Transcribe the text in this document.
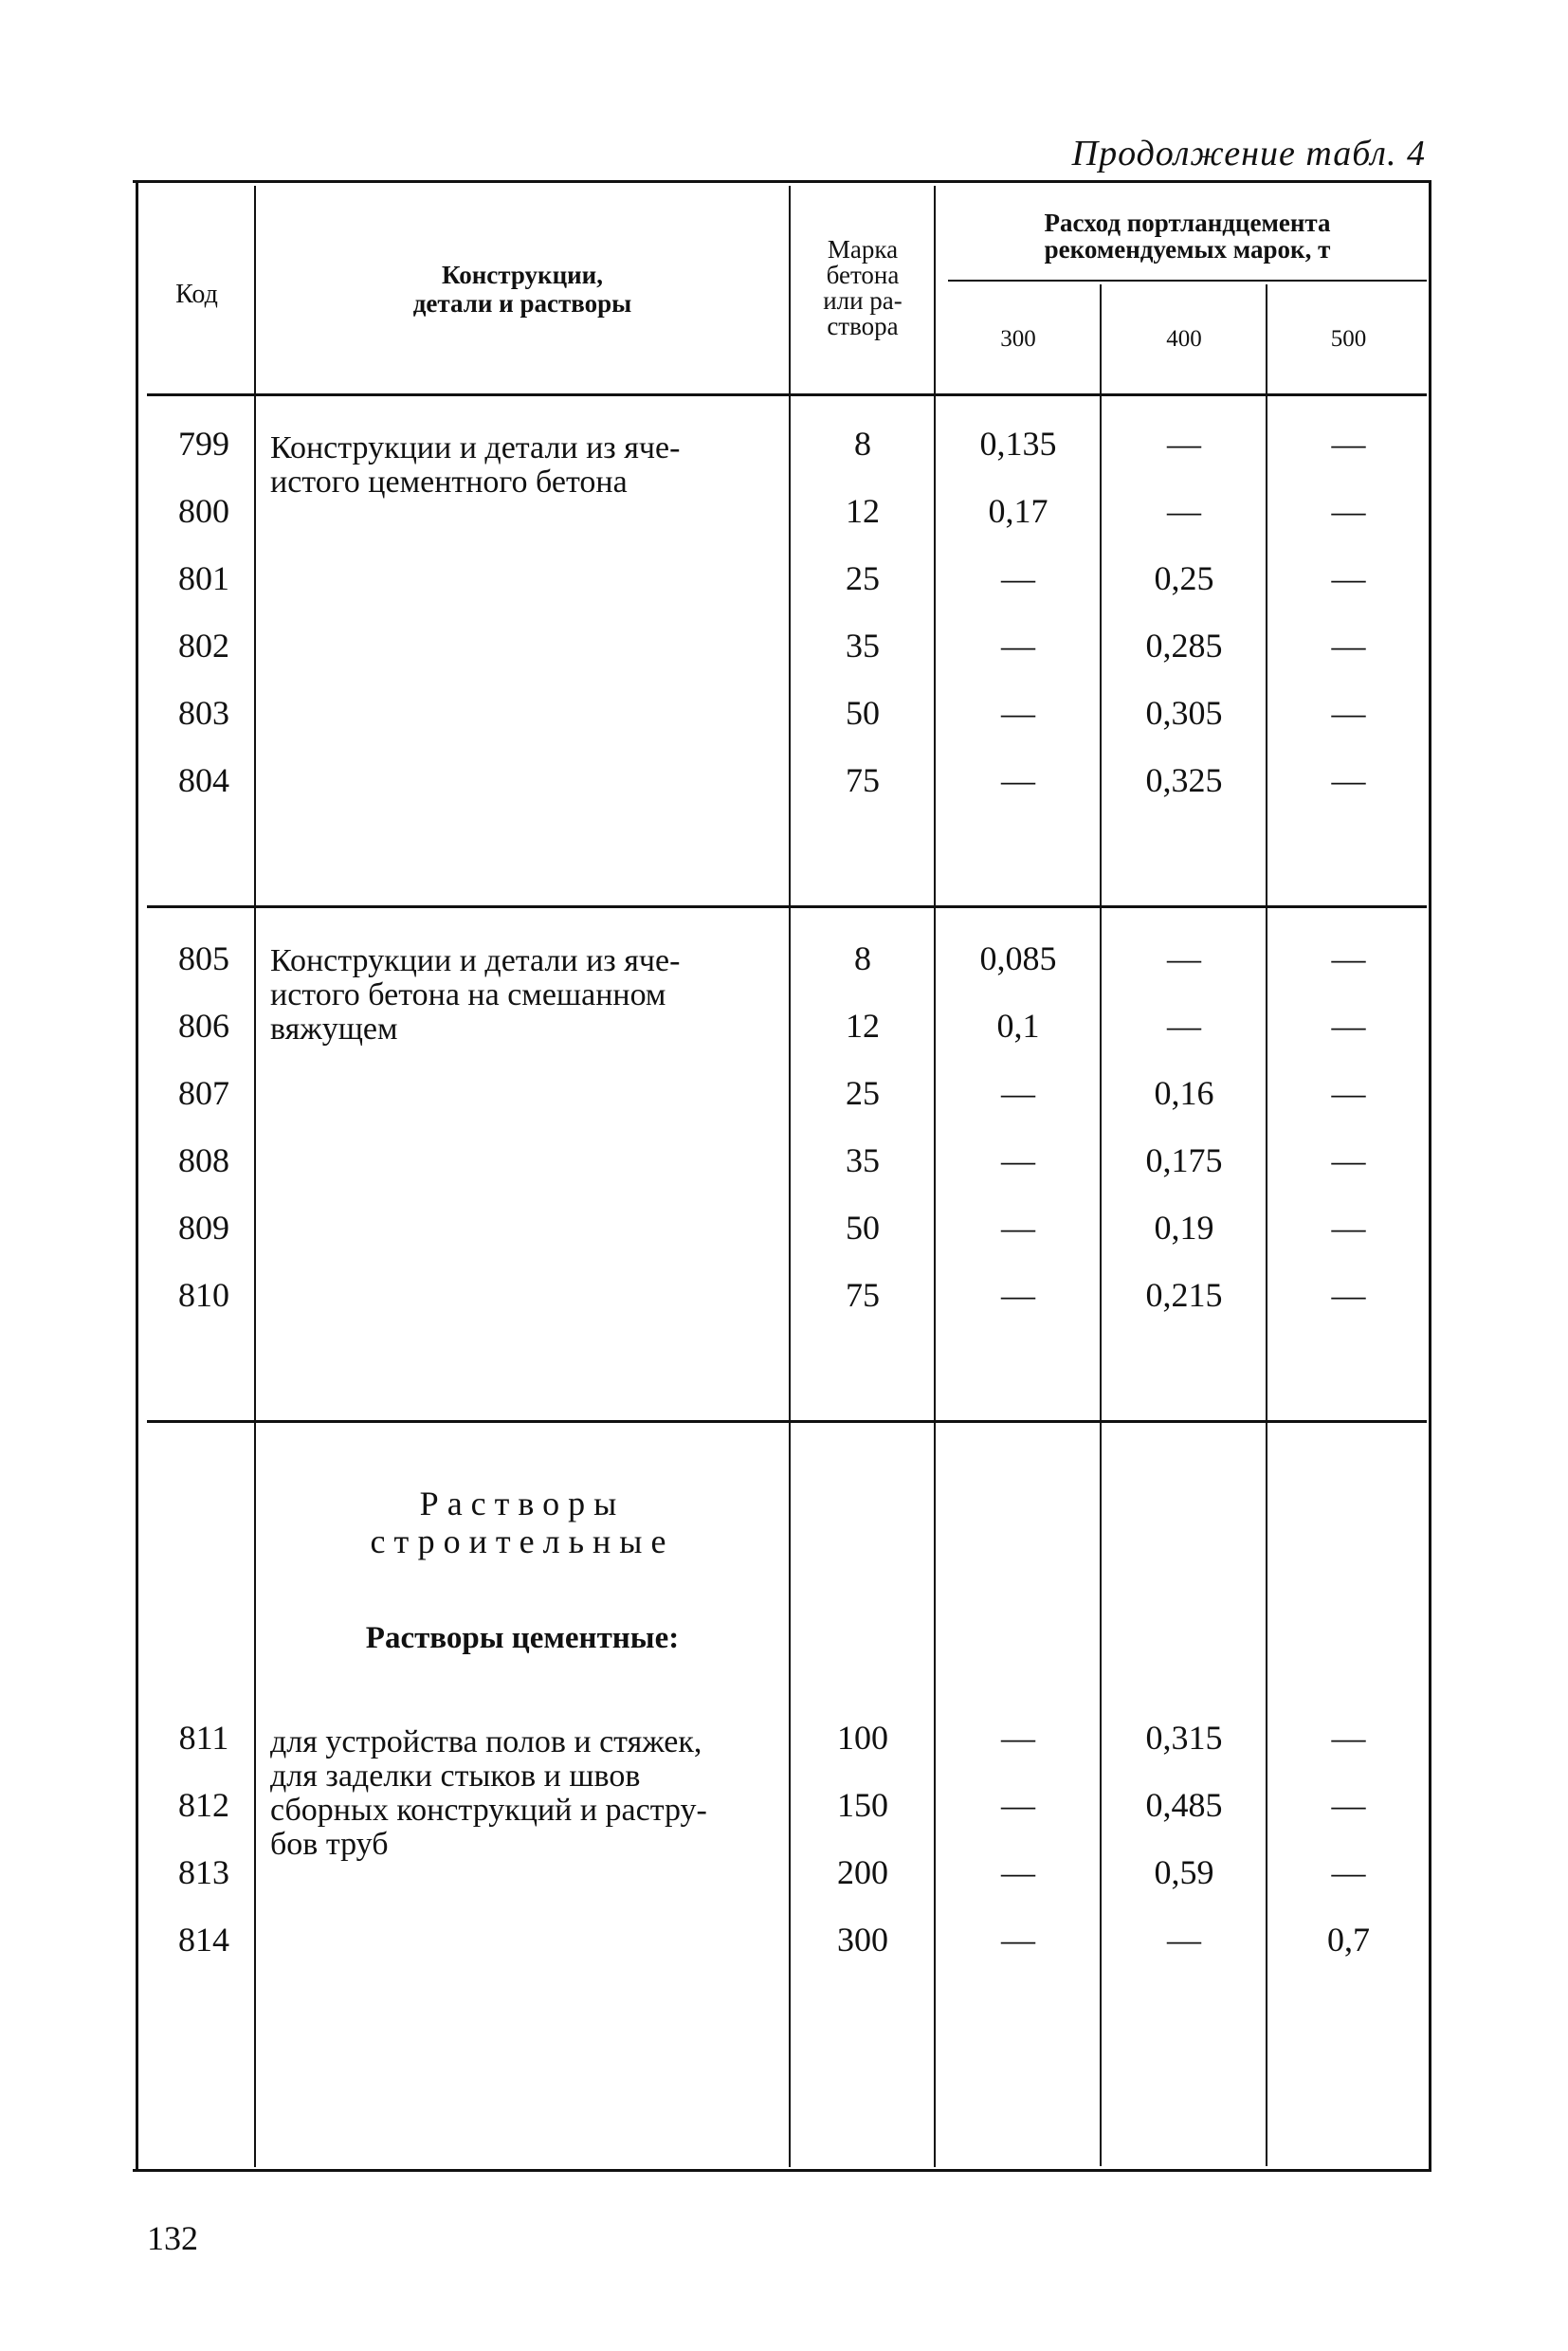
Продолжение табл. 4
Код
Конструкции,
детали и растворы
Марка
бетона
или ра-
створа
Расход портландцемента
рекомендуемых марок, т
300	400	500
Конструкции и детали из яче-
истого цементного бетона
799	8	0,135	—	—
800	12	0,17	—	—
801	25	—	0,25	—
802	35	—	0,285	—
803	50	—	0,305	—
804	75	—	0,325	—
Конструкции и детали из яче-
истого бетона на смешанном
вяжущем
805	8	0,085	—	—
806	12	0,1	—	—
807	25	—	0,16	—
808	35	—	0,175	—
809	50	—	0,19	—
810	75	—	0,215	—
Растворы
строительные
Растворы цементные:
для устройства полов и стяжек,
для заделки стыков и швов
сборных конструкций и растру-
бов труб
811	100	—	0,315	—
812	150	—	0,485	—
813	200	—	0,59	—
814	300	—	—	0,7
132
